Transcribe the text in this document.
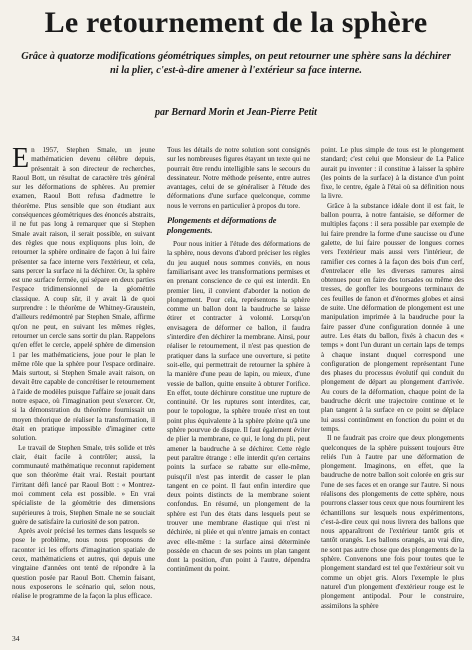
Le retournement de la sphère

Grâce à quatorze modifications géométriques simples, on peut retourner une sphère sans la déchirer ni la plier, c'est-à-dire amener à l'extérieur sa face interne.

par Bernard Morin et Jean-Pierre Petit

En 1957, Stephen Smale, un jeune mathématicien devenu célèbre depuis, présentait à son directeur de recherches, Raoul Bott, un résultat de caractère très général sur les déformations de sphères. Au premier examen, Raoul Bott refusa d'admettre le théorème. Plus sensible que son étudiant aux conséquences géométriques des énoncés abstraits, il ne fut pas long à remarquer que si Stephen Smale avait raison, il serait possible, en suivant des règles que nous expliquons plus loin, de retourner la sphère ordinaire de façon à lui faire présenter sa face interne vers l'extérieur, et cela, sans percer la surface ni la déchirer. Or, la sphère est une surface fermée, qui sépare en deux parties l'espace tridimensionnel de la géométrie classique. A coup sûr, il y avait là de quoi surprendre : le théorème de Whitney-Graustein, d'ailleurs redémontré par Stephen Smale, affirme qu'on ne peut, en suivant les mêmes règles, retourner un cercle sans sortir du plan. Rappelons qu'en effet le cercle, appelé sphère de dimension 1 par les mathématiciens, joue pour le plan le même rôle que la sphère pour l'espace ordinaire. Mais surtout, si Stephen Smale avait raison, on devait être capable de concrétiser le retournement à l'aide de modèles puisque l'affaire se jouait dans notre espace, où l'imagination peut s'exercer. Or, si la démonstration du théorème fournissait un moyen théorique de réaliser la transformation, il était en pratique impossible d'imaginer cette solution.

Le travail de Stephen Smale, très solide et très clair, était facile à contrôler; aussi, la communauté mathématique reconnut rapidement que son théorème était vrai. Restait pourtant l'irritant défi lancé par Raoul Bott : « Montrez-moi comment cela est possible. » En vrai spécialiste de la géométrie des dimensions supérieures à trois, Stephen Smale ne se souciait guère de satisfaire la curiosité de son patron.

Après avoir précisé les termes dans lesquels se pose le problème, nous nous proposons de raconter ici les efforts d'imagination spatiale de ceux, mathématiciens et autres, qui depuis une vingtaine d'années ont tenté de répondre à la question posée par Raoul Bott. Chemin faisant, nous exposerons le scénario qui, selon nous, réalise le programme de la façon la plus efficace.

Tous les détails de notre solution sont consignés sur les nombreuses figures étayant un texte qui ne pourrait être rendu intelligible sans le secours du dessinateur. Notre méthode présente, entre autres avantages, celui de se généraliser à l'étude des déformations d'une surface quelconque, comme nous le verrons en particulier à propos du tore.

Plongements et déformations de plongements.

Pour nous initier à l'étude des déformations de la sphère, nous devons d'abord préciser les règles du jeu auquel nous sommes conviés, en nous familiarisant avec les transformations permises et en prenant conscience de ce qui est interdit. En premier lieu, il convient d'aborder la notion de plongement. Pour cela, représentons la sphère comme un ballon dont la baudruche se laisse étirer et contracter à volonté. Lorsqu'on envisagera de déformer ce ballon, il faudra s'interdire d'en déchirer la membrane. Ainsi, pour réaliser le retournement, il n'est pas question de pratiquer dans la surface une ouverture, si petite soit-elle, qui permettrait de retourner la sphère à la manière d'une peau de lapin, ou mieux, d'une vessie de ballon, quitte ensuite à obturer l'orifice. En effet, toute déchirure constitue une rupture de continuité. Or les ruptures sont interdites, car, pour le topologue, la sphère trouée n'est en tout point plus équivalente à la sphère pleine qu'à une sphère pourvue de disque. Il faut également éviter de plier la membrane, ce qui, le long du pli, peut amener la baudruche à se déchirer. Cette règle peut paraître étrange : elle interdit qu'en certains points la surface se rabatte sur elle-même, puisqu'il n'est pas interdit de casser le plan tangent en ce point. Il faut enfin interdire que deux points distincts de la membrane soient confondus. En résumé, un plongement de la sphère est l'un des états dans lesquels peut se trouver une membrane élastique qui n'est ni déchirée, ni pliée et qui n'entre jamais en contact avec elle-même : la surface ainsi déterminée possède en chacun de ses points un plan tangent dont la position, d'un point à l'autre, dépendra continûment du point.

point. Le plus simple de tous est le plongement standard; c'est celui que Monsieur de La Palice aurait pu inventer : il constitue à laisser la sphère (les points de la surface) à la distance d'un point fixe, le centre, égale à l'étai où sa définition nous la livre.

Grâce à la substance idéale dont il est fait, le ballon pourra, à notre fantaisie, se déformer de multiples façons : il sera possible par exemple de lui faire prendre la forme d'une saucisse ou d'une galette, de lui faire pousser de longues cornes vers l'extérieur mais aussi vers l'intérieur, de ramifier ces cornes à la façon des bois d'un cerf, d'entrelacer elle les diverses ramures ainsi obtenues pour en faire des torsades ou même des tresses, de gonfler les bourgeons terminaux de ces feuilles de fanon et d'énormes globes et ainsi de suite. Une déformation de plongement est une manipulation imprimée à la baudruche pour la faire passer d'une configuration donnée à une autre. Les états du ballon, fixés à chacun des « temps » dont l'un durant un certain laps de temps à chaque instant duquel correspond une configuration de plongement représentant l'une des phases du processus évolutif qui conduit du plongement de départ au plongement d'arrivée. Au cours de la déformation, chaque point de la baudruche décrit une trajectoire continue et le plan tangent à la surface en ce point se déplace lui aussi continûment en fonction du point et du temps.

Il ne faudrait pas croire que deux plongements quelconques de la sphère puissent toujours être reliés l'un à l'autre par une déformation de plongement. Imaginons, en effet, que la baudruche de notre ballon soit colorée en gris sur l'une de ses faces et en orange sur l'autre. Si nous réalisons des plongements de cette sphère, nous pourrons classer tous ceux que nous fournirent les échantillons sur lesquels nous expérimentons, c'est-à-dire ceux qui nous livrera des ballons que nous apparaîtront de l'extérieur tantôt gris et tantôt orangés. Les ballons orangés, au vrai dire, ne sont pas autre chose que des plongements de la sphère. Convenons une fois pour toutes que le plongement standard est tel que l'extérieur soit vu comme un objet gris. Alors l'exemple le plus naturel d'un plongement d'extérieur rouge est le plongement antipodal. Pour le construire, assimilons la sphère

34
